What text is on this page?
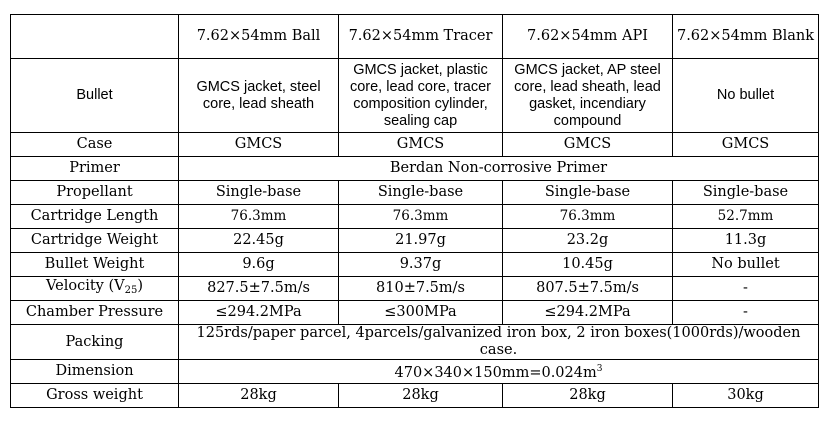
	7.62×54mm Ball	7.62×54mm Tracer	7.62×54mm API	7.62×54mm Blank
Bullet	GMCS jacket, steel core, lead sheath	GMCS jacket, plastic core, lead core, tracer composition cylinder, sealing cap	GMCS jacket, AP steel core, lead sheath, lead gasket, incendiary compound	No bullet
Case	GMCS	GMCS	GMCS	GMCS
Primer	Berdan Non-corrosive Primer			
Propellant	Single-base	Single-base	Single-base	Single-base
Cartridge Length	76.3mm	76.3mm	76.3mm	52.7mm
Cartridge Weight	22.45g	21.97g	23.2g	11.3g
Bullet Weight	9.6g	9.37g	10.45g	No bullet
Velocity $(V_{25})$	827.5±7.5m/s	810±7.5m/s	807.5±7.5m/s	-
Chamber Pressure	≤294.2MPa	≤300MPa	≤294.2MPa	-
Packing	125rds/paper parcel, 4parcels/galvanized iron box, 2 iron boxes(1000rds)/wooden case.			
Dimension	$470\times 340\times 150mm=0.024m^3$
Gross weight	28kg	28kg	28kg	30kg
